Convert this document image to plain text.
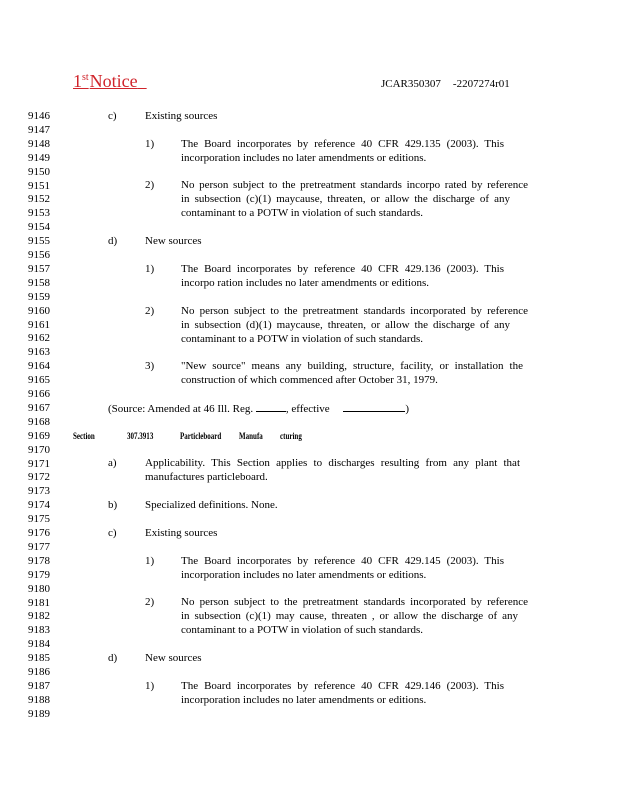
1stNotice	JCAR350307 -2207274r01
9146
9147
9148
9149
9150
9151
9152
9153
9154
9155
9156
9157
9158
9159
9160
9161
9162
9163
9164
9165
9166
9167
9168
9169
9170
9171
9172
9173
9174
9175
9176
9177
9178
9179
9180
9181
9182
9183
9184
9185
9186
9187
9188
9189
c)	Existing sources
1) The Board incorporates by reference 40 CFR 429.135 (2003). This
incorporation includes no later amendments or editions.
2) No person subject to the pretreatment standards incorpo rated by reference
in subsection (c)(1) maycause, threaten, or allow the discharge of any
contaminant to a POTW in violation of such standards.
d)	New sources
1) The Board incorporates by reference 40 CFR 429.136 (2003). This
incorpo ration includes no later amendments or editions.
2) No person subject to the pretreatment standards incorporated by reference
in subsection (d)(1) maycause, threaten, or allow the discharge of any
contaminant to a POTW in violation of such standards.
3) "New source" means any building, structure, facility, or installation the
construction of which commenced after October 31, 1979.
(Source: Amended at 46 Ill. Reg.	, effective	)
Section	307.3913	Particleboard Manufa cturing
a)	Applicability. This Section applies to discharges resulting from any plant that
manufactures particleboard.
b)	Specialized definitions. None.
c)	Existing sources
1) The Board incorporates by reference 40 CFR 429.145 (2003). This
incorporation includes no later amendments or editions.
2) No person subject to the pretreatment standards incorporated by reference
in subsection (c)(1) may cause, threaten , or allow the discharge of any
contaminant to a POTW in violation of such standards.
d)	New sources
1) The Board incorporates by reference 40 CFR 429.146 (2003). This
incorporation includes no later amendments or editions.
